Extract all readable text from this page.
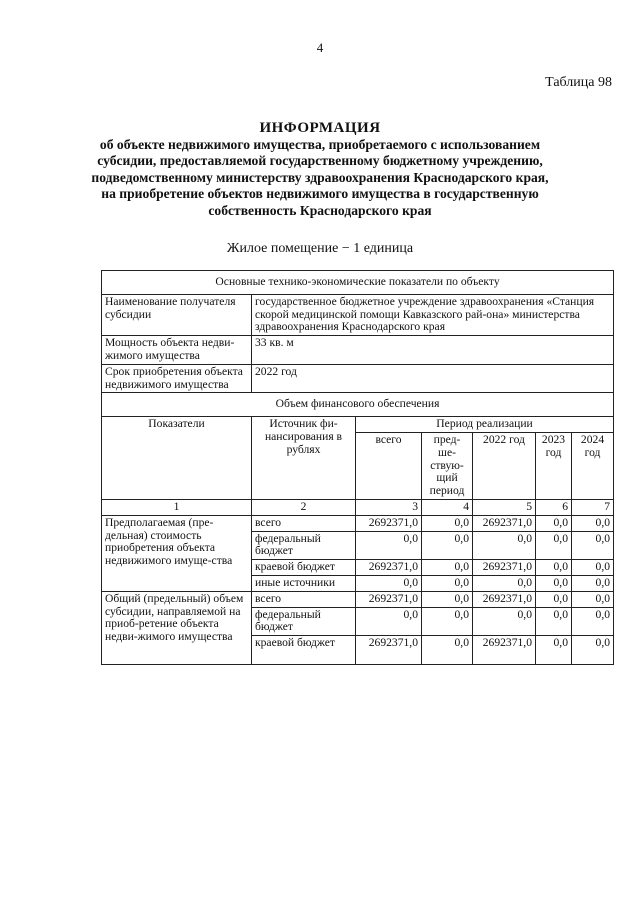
4
Таблица 98
ИНФОРМАЦИЯ
об объекте недвижимого имущества, приобретаемого с использованием
субсидии, предоставляемой государственному бюджетному учреждению,
подведомственному министерству здравоохранения Краснодарского края,
на приобретение объектов недвижимого имущества в государственную
собственность Краснодарского края
Жилое помещение − 1 единица
Основные технико-экономические показатели по объекту						
Наименование получателя субсидии	государственное бюджетное учреждение здравоохранения «Станция скорой медицинской помощи Кавказского рай-она» министерства здравоохранения Краснодарского края					
Мощность объекта недви-жимого имущества	33 кв. м					
Срок приобретения объекта недвижимого имущества	2022 год					
Объем финансового обеспечения						
Показатели	Источник фи-нансирования в рублях	Период реализации				
		всего	пред-ше-ствую-щий период	2022 год	2023 год	2024 год
1	2	3	4	5	6	7
Предполагаемая (пре-дельная) стоимость приобретения объекта недвижимого имуще-ства	всего	2692371,0	0,0	2692371,0	0,0	0,0
	федеральный бюджет	0,0	0,0	0,0	0,0	0,0
	краевой бюджет	2692371,0	0,0	2692371,0	0,0	0,0
	иные источники	0,0	0,0	0,0	0,0	0,0
Общий (предельный) объем субсидии, направляемой на приоб-ретение объекта недви-жимого имущества	всего	2692371,0	0,0	2692371,0	0,0	0,0
	федеральный бюджет	0,0	0,0	0,0	0,0	0,0
	краевой бюджет	2692371,0	0,0	2692371,0	0,0	0,0
